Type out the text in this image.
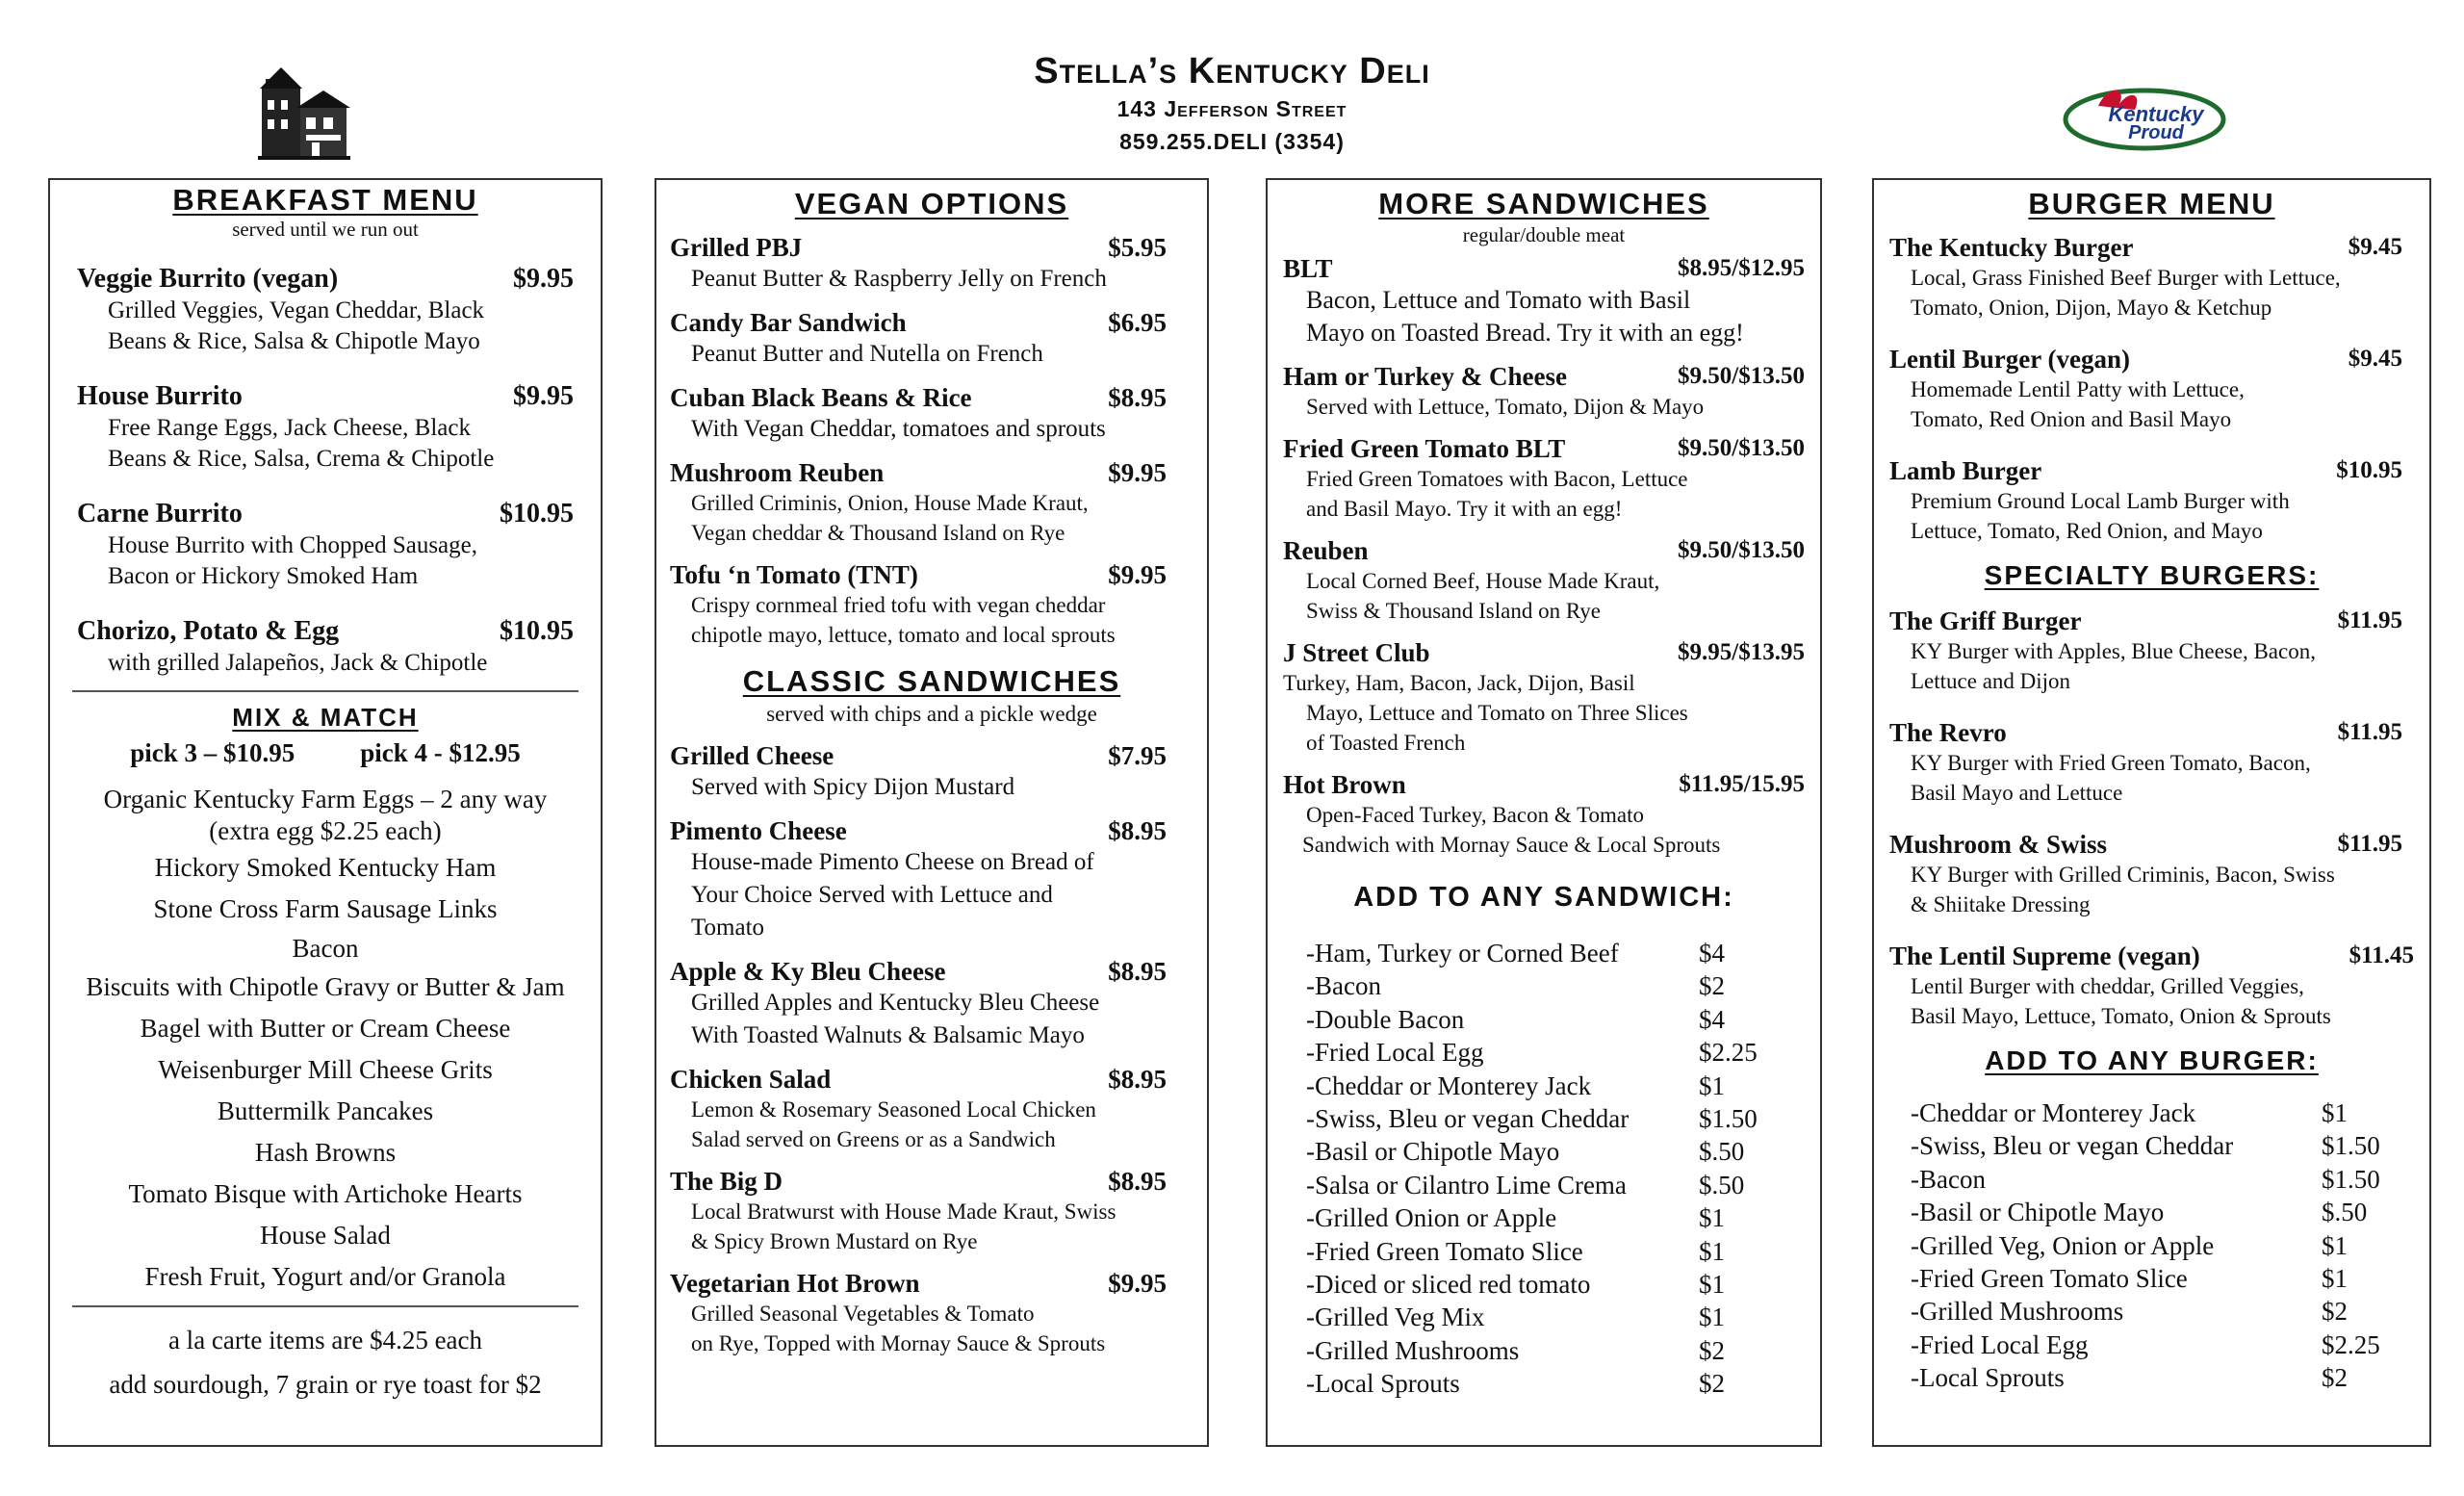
Stella’s Kentucky Deli
143 Jefferson Street
859.255.DELI (3354)
Kentucky
Proud
BREAKFAST MENU
served until we run out
Veggie Burrito (vegan)	$9.95
Grilled Veggies, Vegan Cheddar, Black
Beans & Rice, Salsa & Chipotle Mayo
House Burrito	$9.95
Free Range Eggs, Jack Cheese, Black
Beans & Rice, Salsa, Crema & Chipotle
Carne Burrito	$10.95
House Burrito with Chopped Sausage,
Bacon or Hickory Smoked Ham
Chorizo, Potato & Egg	$10.95
with grilled Jalapeños, Jack & Chipotle
MIX & MATCH
pick 3 – $10.95	pick 4 - $12.95
Organic Kentucky Farm Eggs – 2 any way
(extra egg $2.25 each)
Hickory Smoked Kentucky Ham
Stone Cross Farm Sausage Links
Bacon
Biscuits with Chipotle Gravy or Butter & Jam
Bagel with Butter or Cream Cheese
Weisenburger Mill Cheese Grits
Buttermilk Pancakes
Hash Browns
Tomato Bisque with Artichoke Hearts
House Salad
Fresh Fruit, Yogurt and/or Granola
a la carte items are $4.25 each
add sourdough, 7 grain or rye toast for $2
VEGAN OPTIONS
Grilled PBJ	$5.95
Peanut Butter & Raspberry Jelly on French
Candy Bar Sandwich	$6.95
Peanut Butter and Nutella on French
Cuban Black Beans & Rice	$8.95
With Vegan Cheddar, tomatoes and sprouts
Mushroom Reuben	$9.95
Grilled Criminis, Onion, House Made Kraut,
Vegan cheddar & Thousand Island on Rye
Tofu ‘n Tomato (TNT)	$9.95
Crispy cornmeal fried tofu with vegan cheddar
chipotle mayo, lettuce, tomato and local sprouts
CLASSIC SANDWICHES
served with chips and a pickle wedge
Grilled Cheese	$7.95
Served with Spicy Dijon Mustard
Pimento Cheese	$8.95
House-made Pimento Cheese on Bread of
Your Choice Served with Lettuce and
Tomato
Apple & Ky Bleu Cheese	$8.95
Grilled Apples and Kentucky Bleu Cheese
With Toasted Walnuts & Balsamic Mayo
Chicken Salad	$8.95
Lemon & Rosemary Seasoned Local Chicken
Salad served on Greens or as a Sandwich
The Big D	$8.95
Local Bratwurst with House Made Kraut, Swiss
& Spicy Brown Mustard on Rye
Vegetarian Hot Brown	$9.95
Grilled Seasonal Vegetables & Tomato
on Rye, Topped with Mornay Sauce & Sprouts
MORE SANDWICHES
regular/double meat
BLT	$8.95/$12.95
Bacon, Lettuce and Tomato with Basil
Mayo on Toasted Bread. Try it with an egg!
Ham or Turkey & Cheese	$9.50/$13.50
Served with Lettuce, Tomato, Dijon & Mayo
Fried Green Tomato BLT	$9.50/$13.50
Fried Green Tomatoes with Bacon, Lettuce
and Basil Mayo. Try it with an egg!
Reuben	$9.50/$13.50
Local Corned Beef, House Made Kraut,
Swiss & Thousand Island on Rye
J Street Club	$9.95/$13.95
Turkey, Ham, Bacon, Jack, Dijon, Basil
Mayo, Lettuce and Tomato on Three Slices
of Toasted French
Hot Brown	$11.95/15.95
Open-Faced Turkey, Bacon & Tomato
Sandwich with Mornay Sauce & Local Sprouts
ADD TO ANY SANDWICH:
-Ham, Turkey or Corned Beef	$4
-Bacon	$2
-Double Bacon	$4
-Fried Local Egg	$2.25
-Cheddar or Monterey Jack	$1
-Swiss, Bleu or vegan Cheddar	$1.50
-Basil or Chipotle Mayo	$.50
-Salsa or Cilantro Lime Crema	$.50
-Grilled Onion or Apple	$1
-Fried Green Tomato Slice	$1
-Diced or sliced red tomato	$1
-Grilled Veg Mix	$1
-Grilled Mushrooms	$2
-Local Sprouts	$2
BURGER MENU
The Kentucky Burger	$9.45
Local, Grass Finished Beef Burger with Lettuce,
Tomato, Onion, Dijon, Mayo & Ketchup
Lentil Burger (vegan)	$9.45
Homemade Lentil Patty with Lettuce,
Tomato, Red Onion and Basil Mayo
Lamb Burger	$10.95
Premium Ground Local Lamb Burger with
Lettuce, Tomato, Red Onion, and Mayo
SPECIALTY BURGERS:
The Griff Burger	$11.95
KY Burger with Apples, Blue Cheese, Bacon,
Lettuce and Dijon
The Revro	$11.95
KY Burger with Fried Green Tomato, Bacon,
Basil Mayo and Lettuce
Mushroom & Swiss	$11.95
KY Burger with Grilled Criminis, Bacon, Swiss
& Shiitake Dressing
The Lentil Supreme (vegan)	$11.45
Lentil Burger with cheddar, Grilled Veggies,
Basil Mayo, Lettuce, Tomato, Onion & Sprouts
ADD TO ANY BURGER:
-Cheddar or Monterey Jack	$1
-Swiss, Bleu or vegan Cheddar	$1.50
-Bacon	$1.50
-Basil or Chipotle Mayo	$.50
-Grilled Veg, Onion or Apple	$1
-Fried Green Tomato Slice	$1
-Grilled Mushrooms	$2
-Fried Local Egg	$2.25
-Local Sprouts	$2
